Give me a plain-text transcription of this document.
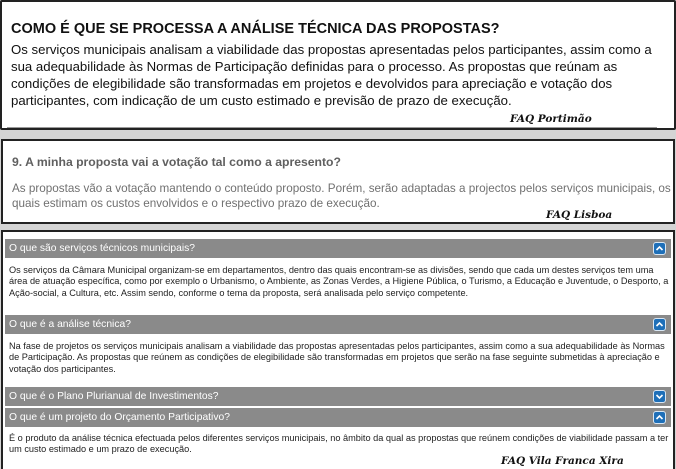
COMO É QUE SE PROCESSA A ANÁLISE TÉCNICA DAS PROPOSTAS?
Os serviços municipais analisam a viabilidade das propostas apresentadas pelos participantes, assim como a sua adequabilidade às Normas de Participação definidas para o processo. As propostas que reúnam as condições de elegibilidade são transformadas em projetos e devolvidos para apreciação e votação dos participantes, com indicação de um custo estimado e previsão de prazo de execução.
FAQ Portimão
9. A minha proposta vai a votação tal como a apresento?
As propostas vão a votação mantendo o conteúdo proposto. Porém, serão adaptadas a projectos pelos serviços municipais, os quais estimam os custos envolvidos e o respectivo prazo de execução.
FAQ Lisboa
O que são serviços técnicos municipais?
Os serviços da Câmara Municipal organizam-se em departamentos, dentro das quais encontram-se as divisões, sendo que cada um destes serviços tem uma área de atuação específica, como por exemplo o Urbanismo, o Ambiente, as Zonas Verdes, a Higiene Pública, o Turismo, a Educação e Juventude, o Desporto, a Ação-social, a Cultura, etc. Assim sendo, conforme o tema da proposta, será analisada pelo serviço competente.
O que é a análise técnica?
Na fase de projetos os serviços municipais analisam a viabilidade das propostas apresentadas pelos participantes, assim como a sua adequabilidade às Normas de Participação. As propostas que reúnem as condições de elegibilidade são transformadas em projetos que serão na fase seguinte submetidas à apreciação e votação dos participantes.
O que é o Plano Plurianual de Investimentos?
O que é um projeto do Orçamento Participativo?
É o produto da análise técnica efectuada pelos diferentes serviços municipais, no âmbito da qual as propostas que reúnem condições de viabilidade passam a ter um custo estimado e um prazo de execução.
FAQ Vila Franca Xira
